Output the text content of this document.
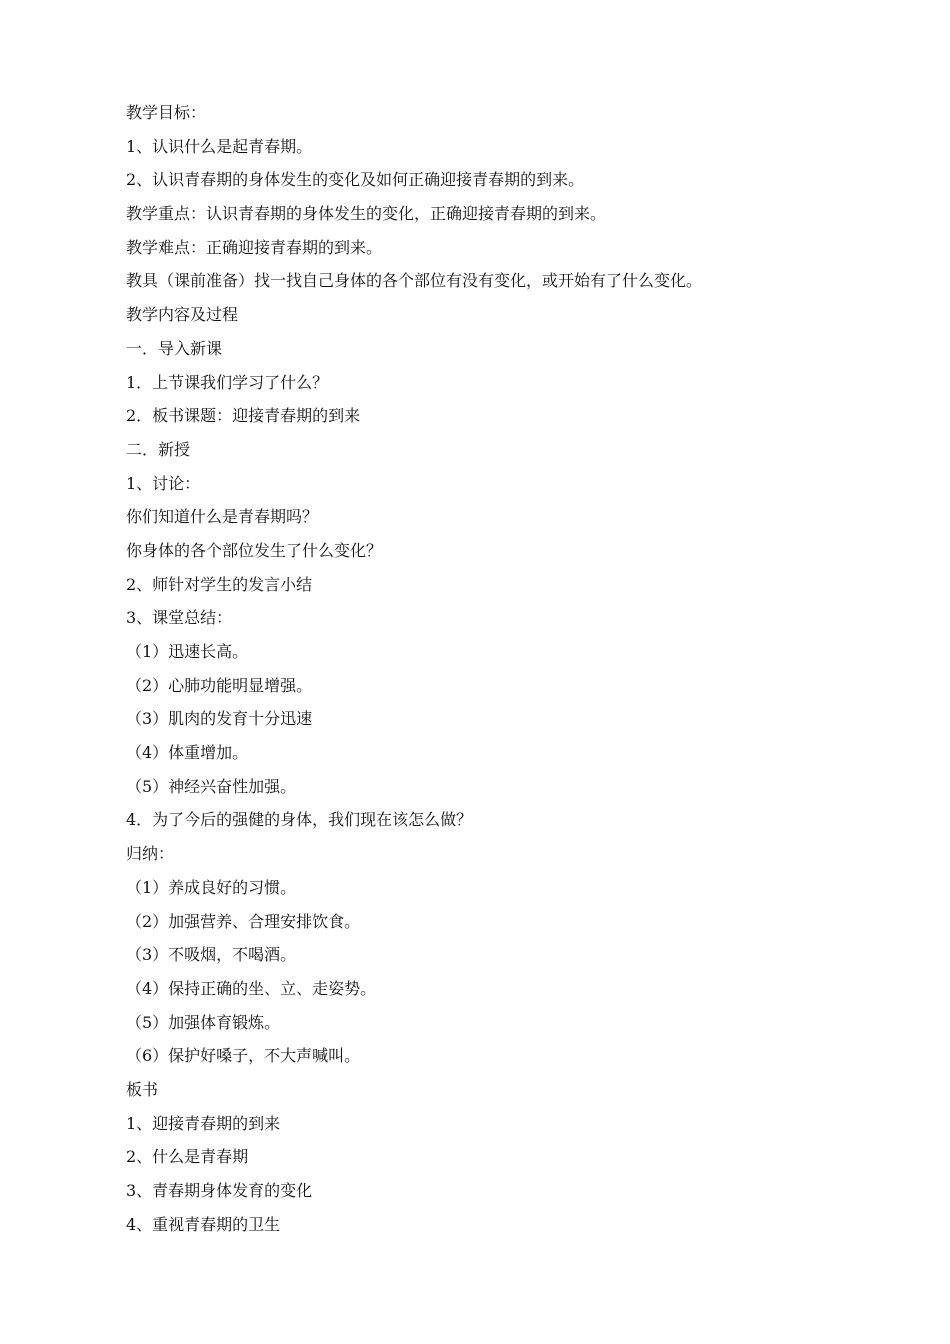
教学目标：
1、认识什么是起青春期。
2、认识青春期的身体发生的变化及如何正确迎接青春期的到来。
教学重点：认识青春期的身体发生的变化，正确迎接青春期的到来。
教学难点：正确迎接青春期的到来。
教具（课前准备）找一找自己身体的各个部位有没有变化，或开始有了什么变化。
教学内容及过程
一．导入新课
1．上节课我们学习了什么？
2．板书课题：迎接青春期的到来
二．新授
1、讨论：
你们知道什么是青春期吗？
你身体的各个部位发生了什么变化？
2、师针对学生的发言小结
3、课堂总结：
（1）迅速长高。
（2）心肺功能明显增强。
（3）肌肉的发育十分迅速
（4）体重增加。
（5）神经兴奋性加强。
4．为了今后的强健的身体，我们现在该怎么做？
归纳：
（1）养成良好的习惯。
（2）加强营养、合理安排饮食。
（3）不吸烟，不喝酒。
（4）保持正确的坐、立、走姿势。
（5）加强体育锻炼。
（6）保护好嗓子，不大声喊叫。
板书
1、迎接青春期的到来
2、什么是青春期
3、青春期身体发育的变化
4、重视青春期的卫生
